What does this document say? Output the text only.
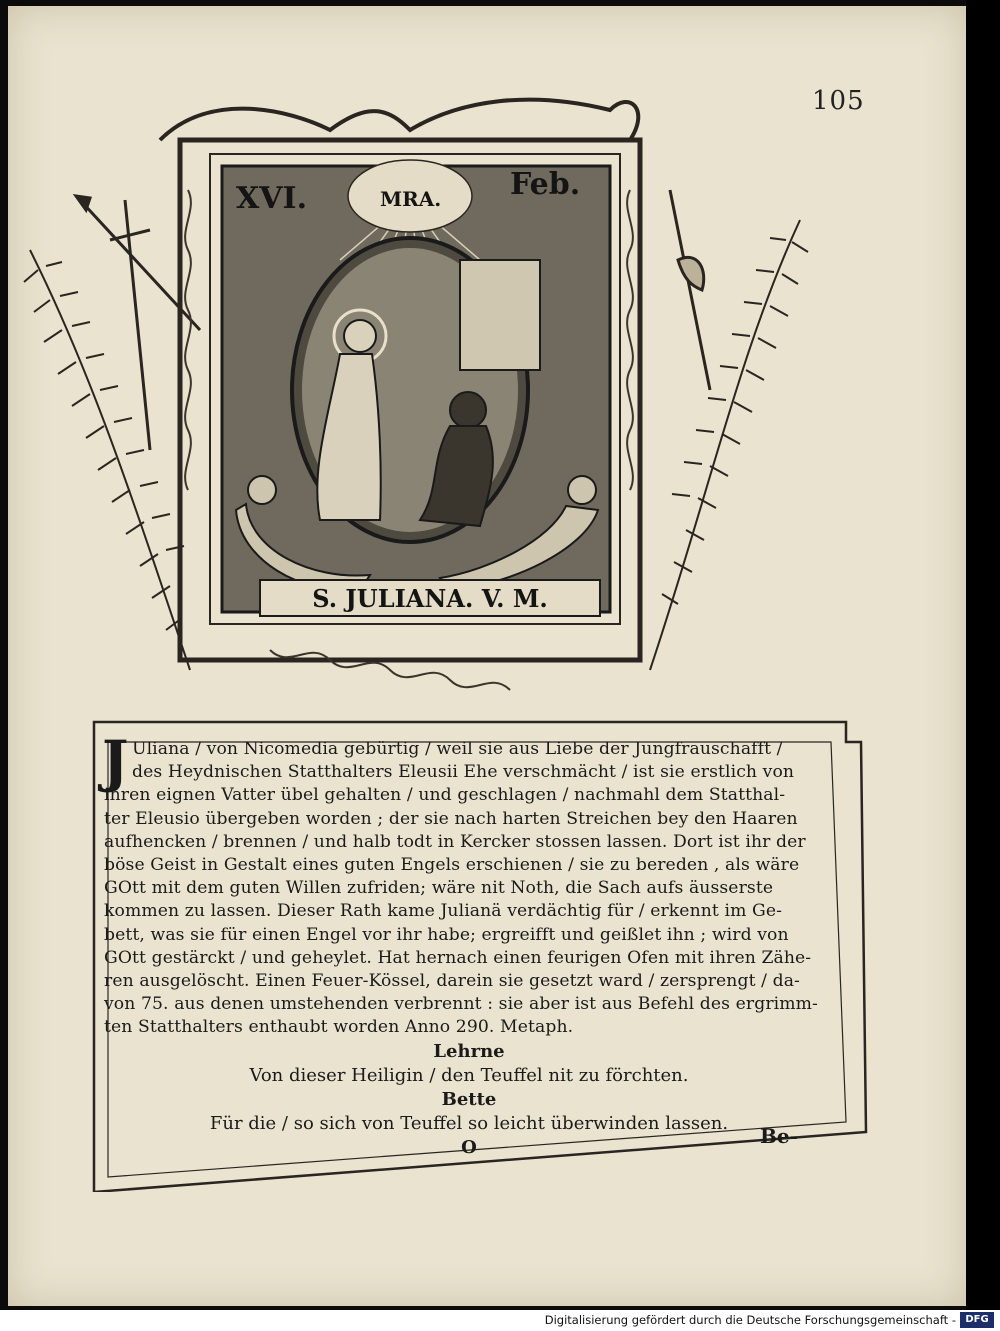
105
XVI.	MRA. Feb.
S. JULIANA. V. M.
J Uliana / von Nicomedia gebürtig / weil sie aus Liebe der Jungfrauschafft /
des Heydnischen Statthalters Eleusii Ehe verschmächt / ist sie erstlich von
ihren eignen Vatter übel gehalten / und geschlagen / nachmahl dem Statthal-
ter Eleusio übergeben worden ; der sie nach harten Streichen bey den Haaren
aufhencken / brennen / und halb todt in Kercker stossen lassen. Dort ist ihr der
böse Geist in Gestalt eines guten Engels erschienen / sie zu bereden , als wäre
GOtt mit dem guten Willen zufriden; wäre nit Noth, die Sach aufs äusserste
kommen zu lassen. Dieser Rath kame Julianä verdächtig für / erkennt im Ge-
bett, was sie für einen Engel vor ihr habe; ergreifft und geißlet ihn ; wird von
GOtt gestärckt / und geheylet. Hat hernach einen feurigen Ofen mit ihren Zähe-
ren ausgelöscht. Einen Feuer-Kössel, darein sie gesetzt ward / zersprengt / da-
von 75. aus denen umstehenden verbrennt : sie aber ist aus Befehl des ergrimm-
ten Statthalters enthaubt worden Anno 290. Metaph.
Lehrne
Von dieser Heiligin / den Teuffel nit zu förchten.
Bette
Für die / so sich von Teuffel so leicht überwinden lassen.
O	Be-
Digitalisierung gefördert durch die Deutsche Forschungsgemeinschaft - DFG
